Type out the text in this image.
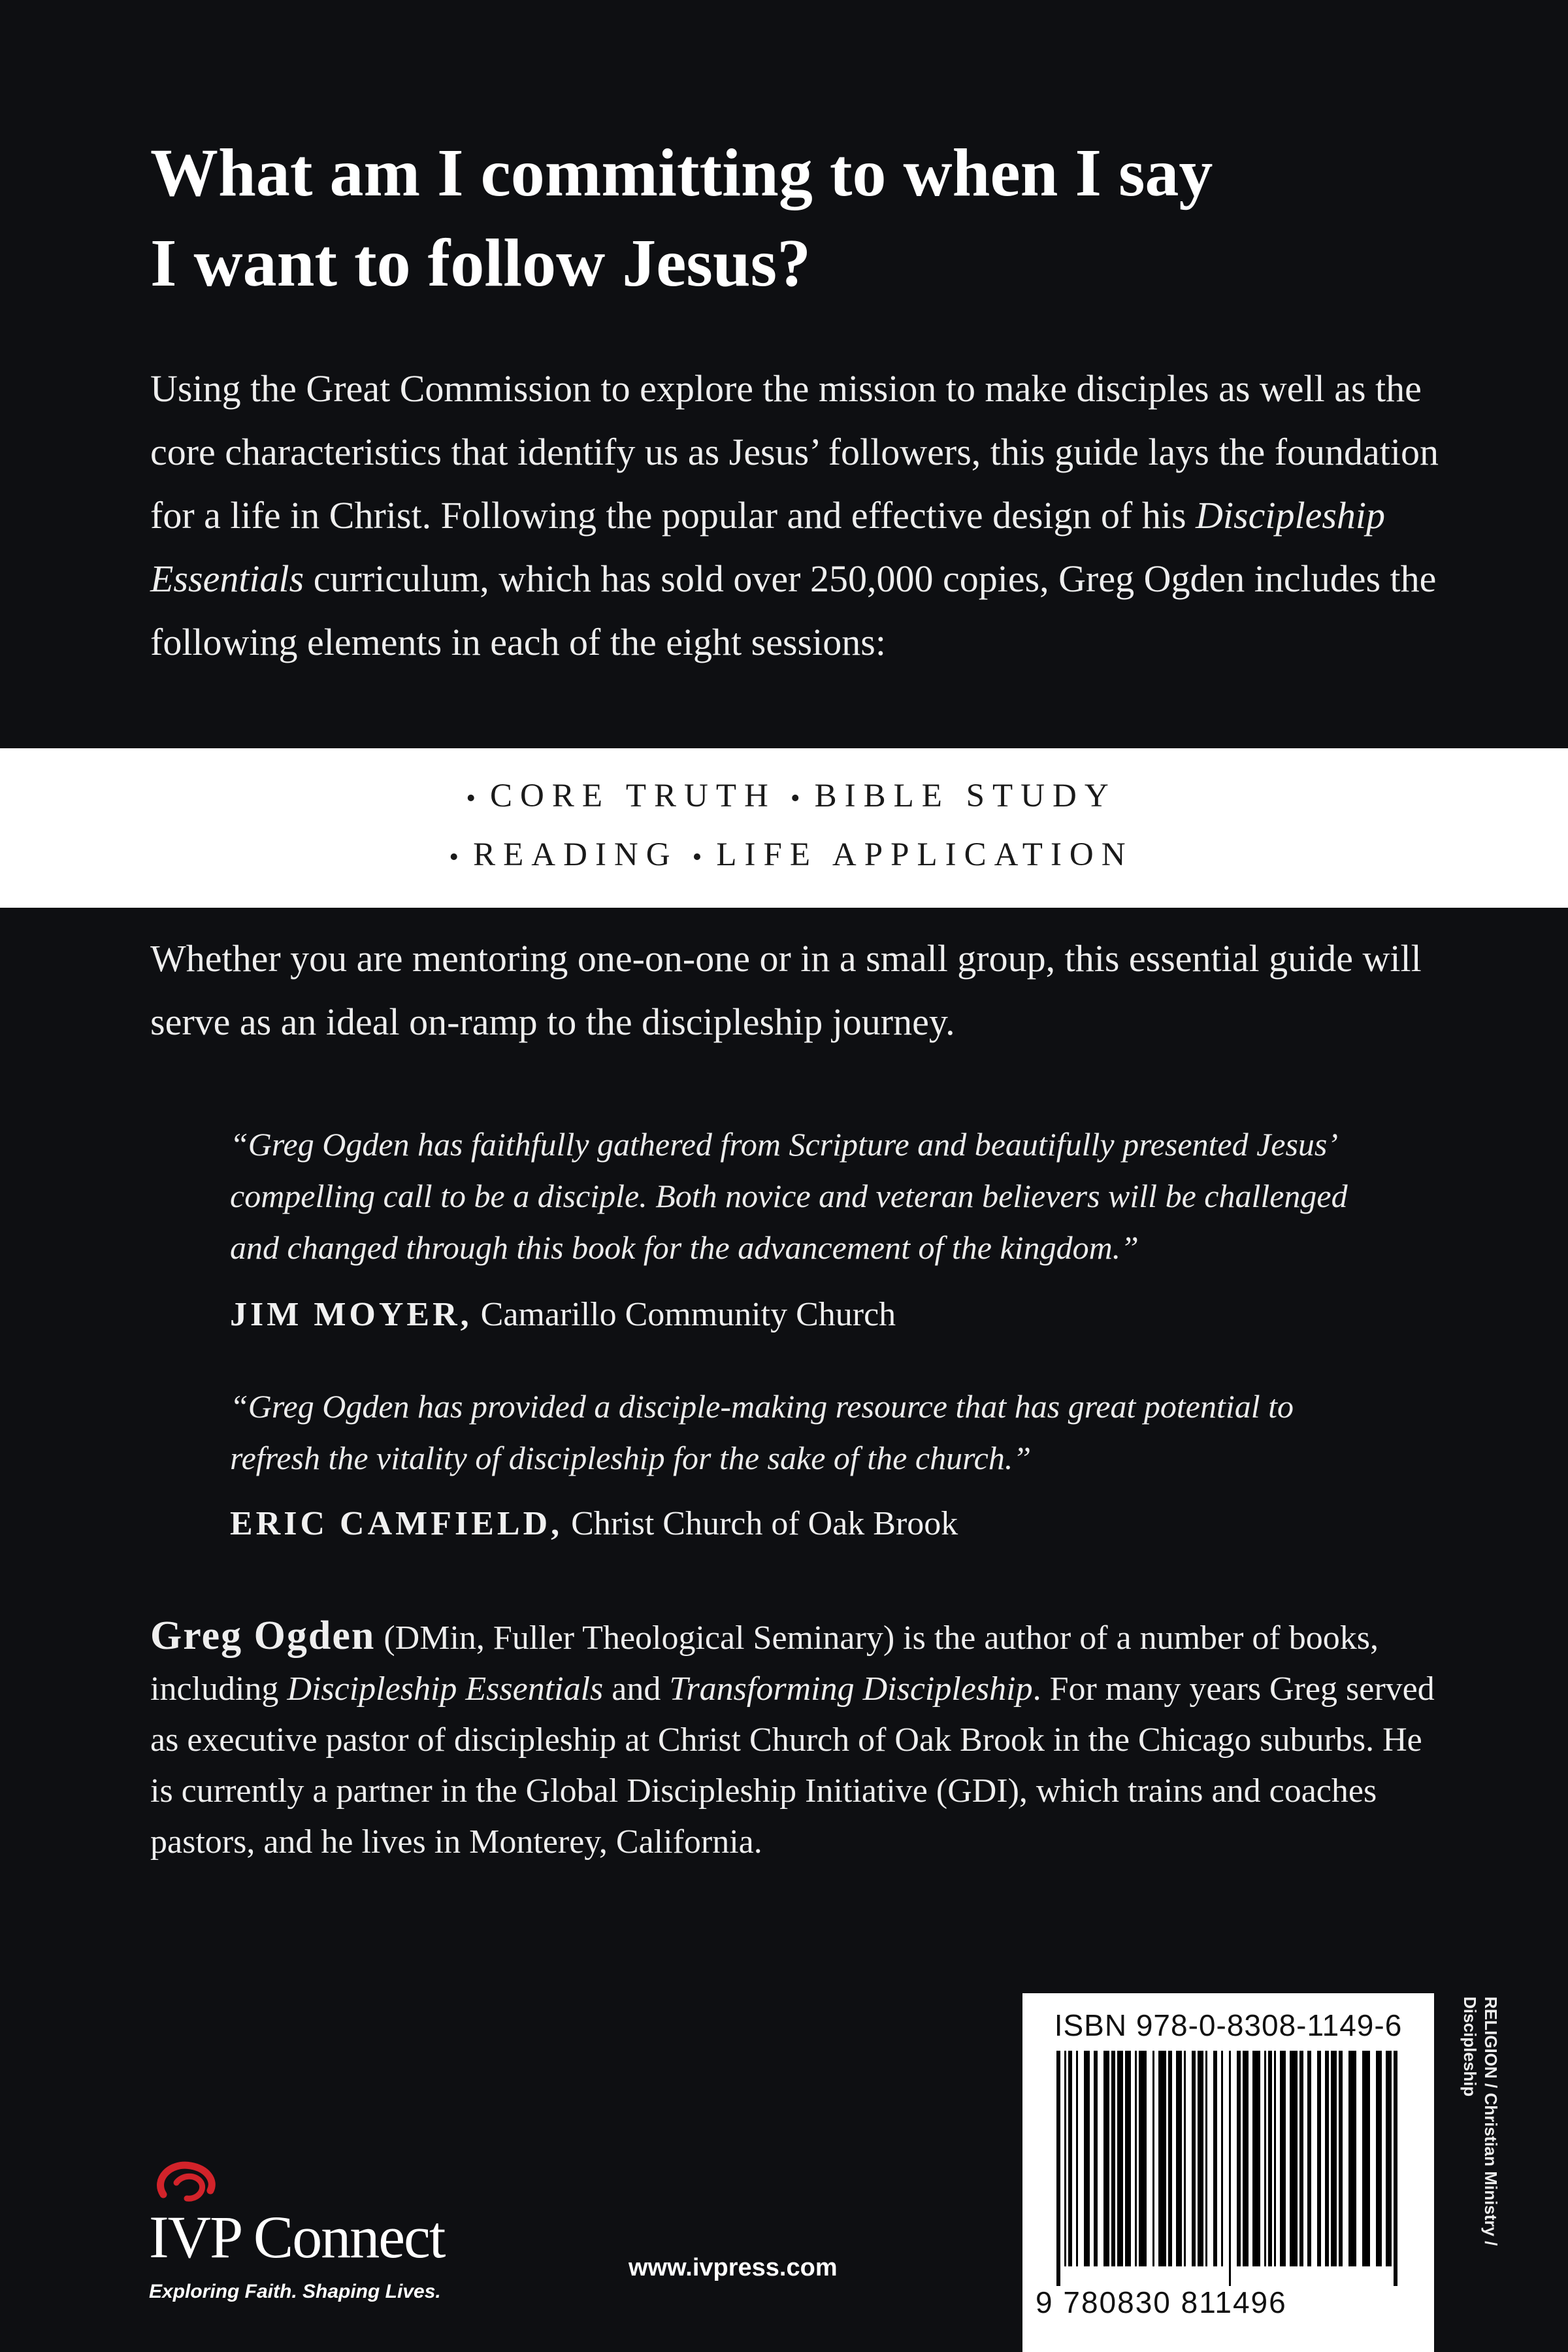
What am I committing to when I say
I want to follow Jesus?
Using the Great Commission to explore the mission to make disciples as well as the core characteristics that identify us as Jesus’ followers, this guide lays the foundation for a life in Christ. Following the popular and effective design of his Discipleship Essentials curriculum, which has sold over 250,000 copies, Greg Ogden includes the following elements in each of the eight sessions:
• CORE TRUTH • BIBLE STUDY
• READING • LIFE APPLICATION
Whether you are mentoring one-on-one or in a small group, this essential guide will serve as an ideal on-ramp to the discipleship journey.
“Greg Ogden has faithfully gathered from Scripture and beautifully presented Jesus’ compelling call to be a disciple. Both novice and veteran believers will be challenged and changed through this book for the advancement of the kingdom.”
JIM MOYER, Camarillo Community Church
“Greg Ogden has provided a disciple-making resource that has great potential to refresh the vitality of discipleship for the sake of the church.”
ERIC CAMFIELD, Christ Church of Oak Brook
Greg Ogden (DMin, Fuller Theological Seminary) is the author of a number of books, including Discipleship Essentials and Transforming Discipleship. For many years Greg served as executive pastor of discipleship at Christ Church of Oak Brook in the Chicago suburbs. He is currently a partner in the Global Discipleship Initiative (GDI), which trains and coaches pastors, and he lives in Monterey, California.
ISBN 978-0-8308-1149-6
9 780830 811496
RELIGION / Christian Ministry / Discipleship
IVP Connect
Exploring Faith. Shaping Lives.
www.ivpress.com
